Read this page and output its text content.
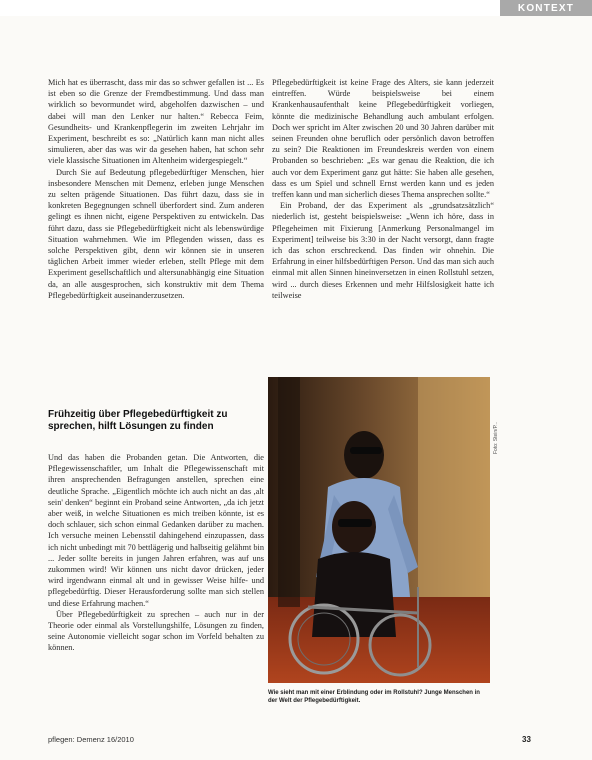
KONTEXT

Mich hat es überrascht, dass mir das so schwer gefallen ist ... Es ist eben so die Grenze der Fremdbestimmung. Und dass man wirklich so bevormundet wird, abgeholfen dazwischen – und dabei will man den Lenker nur halten.“ Rebecca Feim, Gesundheits- und Krankenpflegerin im zweiten Lehrjahr im Experiment, beschreibt es so: „Natürlich kann man nicht alles simulieren, aber das was wir da gesehen haben, hat schon sehr viele klassische Situationen im Altenheim widergespiegelt.“

Durch Sie auf Bedeutung pflegebedürftiger Menschen, hier insbesondere Menschen mit Demenz, erleben junge Menschen zu selten prägende Situationen. Das führt dazu, dass sie in konkreten Begegnungen schnell überfordert sind. Zum anderen gelingt es ihnen nicht, eigene Perspektiven zu entwickeln. Das führt dazu, dass sie Pflegebedürftigkeit nicht als lebenswürdige Situation wahrnehmen. Wie im Pflegenden wissen, dass es solche Perspektiven gibt, denn wir können sie in unseren täglichen Arbeit immer wieder erleben, stellt Pflege mit dem Experiment gesellschaftlich und altersunabhängig eine Situation da, an alle ausgesprochen, sich konstruktiv mit dem Thema Pflegebedürftigkeit auseinanderzusetzen.

Pflegebedürftigkeit ist keine Frage des Alters, sie kann jederzeit eintreffen. Würde beispielsweise bei einem Krankenhausaufenthalt keine Pflegebedürftigkeit vorliegen, könnte die medizinische Behandlung auch ambulant erfolgen. Doch wer spricht im Alter zwischen 20 und 30 Jahren darüber mit seinen Freunden ohne beruflich oder persönlich davon betroffen zu sein? Die Reaktionen im Freundeskreis werden von einem Probanden so beschrieben: „Es war genau die Reaktion, die ich auch vor dem Experiment ganz gut hätte: Sie haben alle gesehen, dass es um Spiel und schnell Ernst werden kann und es jeden treffen kann und man sicherlich dieses Thema ansprechen sollte.“

Ein Proband, der das Experiment als „grundsatzsätzlich“ niederlich ist, gesteht beispielsweise: „Wenn ich höre, dass in Pflegeheimen mit Fixierung [Anmerkung Personalmangel im Experiment] teilweise bis 3:30 in der Nacht versorgt, dann fragte ich das schon erschreckend. Das finden wir ohnehin. Die Erfahrung in einer hilfsbedürftigen Person. Und das man sich auch einmal mit allen Sinnen hineinversetzen in einen Rollstuhl setzen, wird ... durch dieses Erkennen und mehr Hilfslosigkeit hatte ich teilweise

Frühzeitig über Pflegebedürftigkeit zu sprechen, hilft Lösungen zu finden

Und das haben die Probanden getan. Die Antworten, die Pflegewissenschaftler, um Inhalt die Pflegewissenschaft mit ihren ansprechenden Befragungen anstellen, sprechen eine deutliche Sprache. „Eigentlich möchte ich auch nicht an das ,alt sein' denken“ beginnt ein Proband seine Antworten, „da ich jetzt aber weiß, in welche Situationen es mich treiben könnte, ist es doch schlauer, sich schon einmal Gedanken darüber zu machen. Ich versuche meinen Lebensstil dahingehend einzupassen, dass ich nicht unbedingt mit 70 bettlägerig und halbseitig gelähmt bin ... Jeder sollte bereits in jungen Jahren erfahren, was auf uns zukommen wird! Wir können uns nicht davor drücken, jeder wird irgendwann einmal alt und in gewisser Weise hilfe- und pflegebedürftig. Dieser Herausforderung sollte man sich stellen und diese Erfahrung machen.“

Über Pflegebedürftigkeit zu sprechen – auch nur in der Theorie oder einmal als Vorstellungshilfe, Lösungen zu finden, seine Autonomie vielleicht sogar schon im Vorfeld behalten zu können.

Foto: Stein/P...
Wie sieht man mit einer Erblindung oder im Rollstuhl? Junge Menschen in der Welt der Pflegebedürftigkeit.
pflegen: Demenz 16/2010	33
